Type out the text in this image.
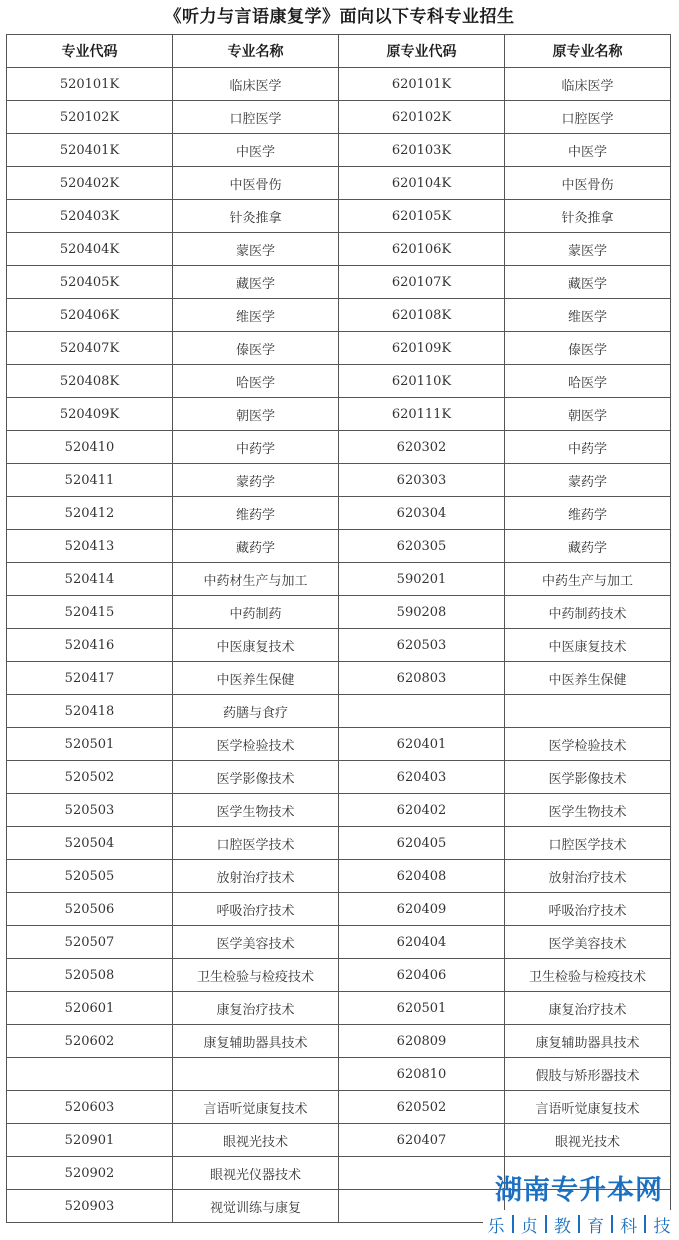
《听力与言语康复学》面向以下专科专业招生
专业代码	专业名称	原专业代码	原专业名称
520101K	临床医学	620101K	临床医学
520102K	口腔医学	620102K	口腔医学
520401K	中医学	620103K	中医学
520402K	中医骨伤	620104K	中医骨伤
520403K	针灸推拿	620105K	针灸推拿
520404K	蒙医学	620106K	蒙医学
520405K	藏医学	620107K	藏医学
520406K	维医学	620108K	维医学
520407K	傣医学	620109K	傣医学
520408K	哈医学	620110K	哈医学
520409K	朝医学	620111K	朝医学
520410	中药学	620302	中药学
520411	蒙药学	620303	蒙药学
520412	维药学	620304	维药学
520413	藏药学	620305	藏药学
520414	中药材生产与加工	590201	中药生产与加工
520415	中药制药	590208	中药制药技术
520416	中医康复技术	620503	中医康复技术
520417	中医养生保健	620803	中医养生保健
520418	药膳与食疗		
520501	医学检验技术	620401	医学检验技术
520502	医学影像技术	620403	医学影像技术
520503	医学生物技术	620402	医学生物技术
520504	口腔医学技术	620405	口腔医学技术
520505	放射治疗技术	620408	放射治疗技术
520506	呼吸治疗技术	620409	呼吸治疗技术
520507	医学美容技术	620404	医学美容技术
520508	卫生检验与检疫技术	620406	卫生检验与检疫技术
520601	康复治疗技术	620501	康复治疗技术
520602	康复辅助器具技术	620809	康复辅助器具技术
		620810	假肢与矫形器技术
520603	言语听觉康复技术	620502	言语听觉康复技术
520901	眼视光技术	620407	眼视光技术
520902	眼视光仪器技术		
520903	视觉训练与康复		
湖南专升本网
乐 贞 教 育 科 技
